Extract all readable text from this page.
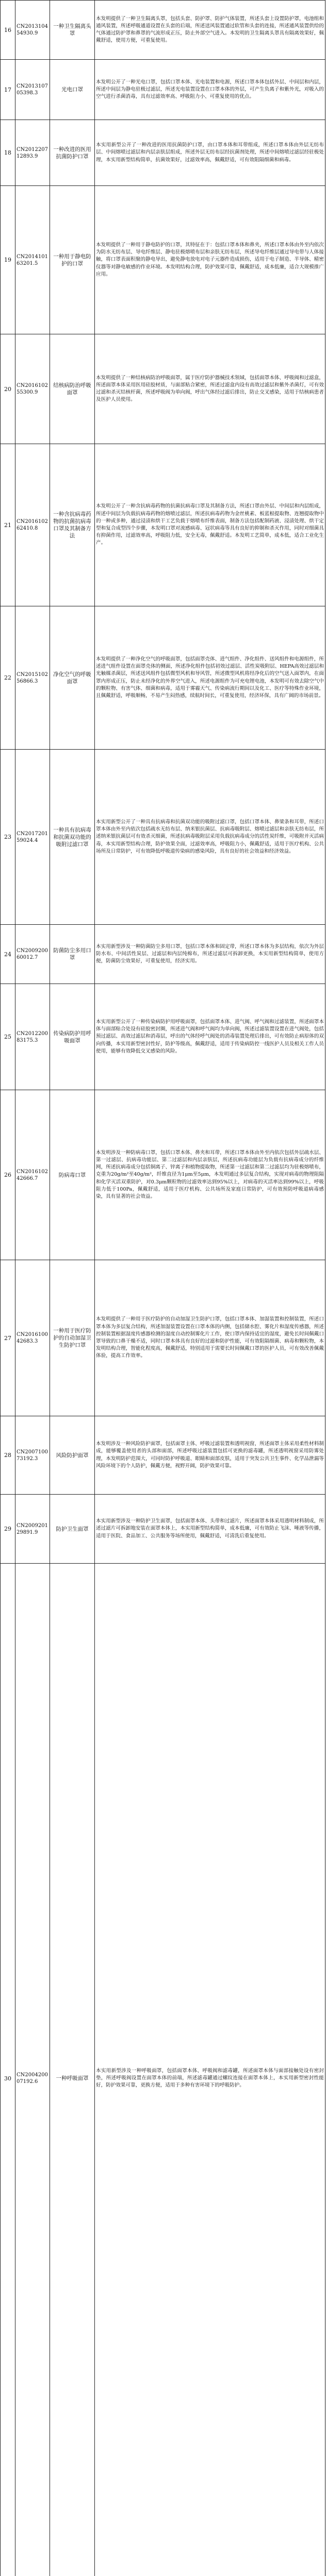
16	CN201310454930.9	一种卫生隔离头罩	本发明提供了一种卫生隔离头罩，包括头套、防护罩、防护气体装置，所述头套上设置防护罩，电池组和通风装置，所述呼吸通道设置在头套的后端，所述送风装置通过软管和头套的连接，所述通风装置供给的气体通过防护罩和鼻罩的气流形成正压，防止外部空气进入。本发明的卫生隔离头罩具有隔离效果好，佩戴舒适，使用方便，可重复使用。
17	CN201310705398.3	光电口罩	本发明公开了一种光电口罩，包括口罩本体、光电装置和电源，所述口罩本体包括外层、中间层和内层，所述中间层为静电驻极过滤层，所述光电装置设置在口罩本体的外层，可产生负离子和紫外光，对吸入的空气进行杀菌消毒，具有过滤效率高、呼吸阻力小、可重复使用的优点。
18	CN201220712893.9	一种改进的医用抗菌防护口罩	本实用新型公开了一种改进的医用抗菌防护口罩，由口罩本体和耳带组成，所述口罩本体由外层无纺布层、中间熔喷过滤层和内层亲肤层组成，所述外层无纺布层经抗菌剂处理，所述中间熔喷过滤层经驻极处理，本实用新型结构简单，抗菌效果好，过滤效率高，佩戴舒适，可有效阻隔细菌和病毒。
19	CN201410163201.5	一种用于静电防护的口罩	本发明提供了一种用于静电防护的口罩，其特征在于：包括口罩本体和鼻夹，所述口罩本体由外至内依次为防水无纺布层、导电纤维层、静电驻极熔喷布层和亲肤无纺布层，所述导电纤维层通过导电带与人体接触，将口罩表面积聚的静电导出，避免静电放电对电子元器件造成损伤，适用于电子制造、半导体、精密仪器等对静电敏感的作业环境。本发明结构合理，防护效果可靠，佩戴舒适，成本低廉，适合大规模推广应用。
20	CN201610255300.9	结核病防治呼吸面罩	本发明提供了一种结核病防治呼吸面罩，属于医疗防护器械技术领域，包括面罩本体、呼吸阀和过滤盒，所述面罩本体采用医用硅胶材质，与面部贴合紧密，所述过滤盒内设有高效过滤层和紫外杀菌灯，可有效过滤和杀灭结核杆菌，所述呼吸阀为单向阀，呼出气体经过滤后排出，防止交叉感染，适用于结核病患者及医护人员使用。
21	CN201610262410.8	一种含抗病毒药物的抗菌抗病毒口罩及其制备方法	本发明公开了一种含抗病毒药物的抗菌抗病毒口罩及其制备方法，所述口罩由外层、中间层和内层组成，所述中间层为负载抗病毒药物的熔喷过滤层，所述抗病毒药物为金丝桃素、板蓝根提取物、连翘提取物中的一种或多种，通过浸渍和烘干工艺负载于熔喷布纤维表面，制备方法包括配制药液、浸渍处理、烘干定型和复合成型四个步骤，本发明口罩对流感病毒、冠状病毒等具有良好的抑制和杀灭作用，同时对细菌具有抑菌作用，过滤效率高，呼吸阻力低，安全无毒，佩戴舒适。本发明工艺简单，成本低，适合工业化生产。
22	CN201510256866.3	净化空气的呼吸面罩	本发明提供了一种净化空气的呼吸面罩，包括面罩壳体、进气组件、净化组件、送风组件和电源组件，所述进气组件设置在面罩壳体的侧面，所述净化组件包括初效过滤层、活性炭吸附层、HEPA高效过滤层和光触媒杀菌层，所述送风组件包括微型风机和导风管，所述微型风机将经净化后的空气送入面罩内，在面罩内形成正压，防止未经净化的外界空气进入，所述电源组件为可充电锂电池，本发明可有效去除空气中的颗粒物、有害气体、细菌和病毒，适用于雾霾天气、传染病流行期间以及化工、医疗等特殊作业环境，且佩戴舒适，呼吸顺畅，不易产生闷热感，续航时间长，可重复使用，经济环保，具有广阔的市场前景。
23	CN201720159024.4	一种具有抗病毒和抗菌双功能的吸附过滤口罩	本实用新型公开了一种具有抗病毒和抗菌双功能的吸附过滤口罩，包括口罩本体、鼻梁条和耳带，所述口罩本体由外至内依次包括疏水无纺布层、纳米银抗菌层、抗病毒吸附层、熔喷过滤层和亲肤无纺布层，所述纳米银抗菌层可有效杀灭细菌，所述抗病毒吸附层采用负载抗病毒成分的活性炭纤维，可吸附并灭活病毒，本实用新型结构合理，防护效果全面，过滤效率高，呼吸阻力小，佩戴舒适，适用于医疗机构、公共场所及日常防护，可有效降低呼吸道传染病的感染风险，具有良好的社会效益和经济效益。
24	CN200920060012.7	防菌防尘多用口罩	本实用新型涉及一种防菌防尘多用口罩，包括口罩本体和固定带，所述口罩本体为多层结构，依次为外层防水布、中间活性炭层、过滤层和内层纯棉布，所述过滤层可拆卸更换，本实用新型结构简单，使用方便，防菌防尘效果好，可重复使用，经济实用。
25	CN201220083175.3	传染病防护用呼吸面罩	本实用新型公开了一种传染病防护用呼吸面罩，包括面罩本体、进气阀、呼气阀和过滤装置，所述面罩本体与面部贴合处设有硅胶密封圈，所述进气阀和呼气阀均为单向阀，所述过滤装置设置在进气阀处，包括预过滤层、高效过滤层和消毒层，呼出的气体经呼气阀处的消毒装置处理后排出，可有效防止病原体的双向传播，本实用新型密封性好，防护等级高，佩戴舒适，适用于传染病防控一线医护人员及相关工作人员使用，能够有效降低交叉感染的风险。
26	CN201610242666.7	防病毒口罩	本发明涉及一种防病毒口罩，包括口罩本体、鼻夹和耳带，所述口罩本体由外至内依次包括外层疏水层、第一过滤层、抗病毒功能层、第二过滤层和内层亲肤层，所述抗病毒功能层为负载有抗病毒成分的纤维网，所述抗病毒成分包括铜离子、锌离子和植物提取物，所述第一过滤层和第二过滤层均为驻极熔喷布，克重为20g/m²至40g/m²，纤维直径为1μm至5μm，本发明通过多层复合结构，实现对病毒的物理阻隔和化学灭活双重防护，对0.3μm颗粒物的过滤效率达到95%以上，对病毒的灭活率达到99%以上，呼吸阻力低于100Pa，佩戴舒适，适用于医疗机构、公共场所及家庭日常防护，可有效预防呼吸道病毒感染，具有显著的社会效益。
27	CN201610042683.3	一种用于医疗防护的自动加湿卫生防护口罩	本发明提供了一种用于医疗防护的自动加湿卫生防护口罩，包括口罩本体、加湿装置和控制装置，所述口罩本体为多层复合结构，所述加湿装置设置在口罩本体的内侧，包括储水腔、雾化片和湿度传感器，所述控制装置根据湿度传感器检测的湿度自动控制雾化片工作，使口罩内保持适宜的湿度，避免长时间佩戴口罩导致的口鼻干燥不适，同时口罩本体具有良好的过滤和防护性能，可有效阻隔细菌、病毒和颗粒物，本发明结构合理，智能化程度高，佩戴舒适，特别适用于需要长时间佩戴口罩的医护人员，可有效改善佩戴体验，提高工作效率。
28	CN200710073192.3	风险防护面罩	本发明涉及一种风险防护面罩，包括面罩主体、呼吸过滤装置和透明视窗，所述面罩主体采用柔性材料制成，能够覆盖使用者的头部和面部，所述呼吸过滤装置包括可更换的滤毒罐，所述透明视窗采用防雾处理，本发明防护范围大，可同时防护呼吸道、眼睛和面部皮肤，适用于突发公共卫生事件、化学品泄漏等风险环境下的个人防护，佩戴方便，视野开阔，防护效果可靠。
29	CN200920129891.9	防护卫生面罩	本实用新型涉及一种防护卫生面罩，包括面罩本体、头带和过滤片，所述面罩本体采用透明材料制成，所述过滤片可拆卸地安装在面罩本体上，本实用新型结构简单，成本低廉，可有效防止飞沫、唾液等传播，适用于医院、食品加工、公共服务等场所使用，佩戴舒适，可清洗后重复使用。
30	CN200420007192.6	一种呼吸面罩	本实用新型涉及一种呼吸面罩，包括面罩本体、呼吸阀和滤毒罐，所述面罩本体与面部接触处设有密封垫，所述呼吸阀设置在面罩本体的前端，所述滤毒罐通过螺纹连接在面罩本体上，本实用新型密封性能好，防护效果可靠，更换方便，适用于多种有害环境下的呼吸防护。
